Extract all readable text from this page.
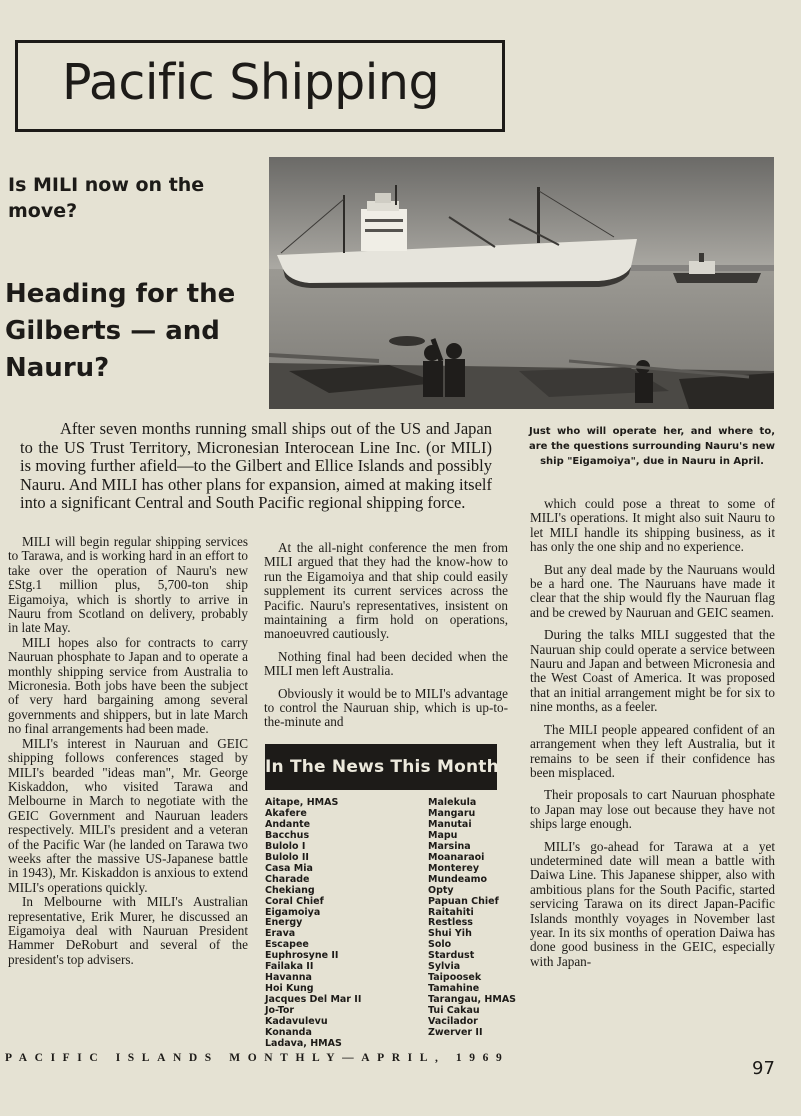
Pacific Shipping
Is MILI now on the move?
Heading for the Gilberts — and Nauru?
Just who will operate her, and where to, are the questions surrounding Nauru's new ship "Eigamoiya", due in Nauru in April.
After seven months running small ships out of the US and Japan to the US Trust Territory, Micronesian Interocean Line Inc. (or MILI) is moving further afield—to the Gilbert and Ellice Islands and possibly Nauru. And MILI has other plans for expansion, aimed at making itself into a significant Central and South Pacific regional shipping force.

MILI will begin regular shipping services to Tarawa, and is working hard in an effort to take over the operation of Nauru's new £Stg.1 million plus, 5,700-ton ship Eigamoiya, which is shortly to arrive in Nauru from Scotland on delivery, probably in late May.

MILI hopes also for contracts to carry Nauruan phosphate to Japan and to operate a monthly shipping service from Australia to Micronesia. Both jobs have been the subject of very hard bargaining among several governments and shippers, but in late March no final arrangements had been made.

MILI's interest in Nauruan and GEIC shipping follows conferences staged by MILI's bearded "ideas man", Mr. George Kiskaddon, who visited Tarawa and Melbourne in March to negotiate with the GEIC Government and Nauruan leaders respectively. MILI's president and a veteran of the Pacific War (he landed on Tarawa two weeks after the massive US-Japanese battle in 1943), Mr. Kiskaddon is anxious to extend MILI's operations quickly.

In Melbourne with MILI's Australian representative, Erik Murer, he discussed an Eigamoiya deal with Nauruan President Hammer DeRoburt and several of the president's top advisers.

At the all-night conference the men from MILI argued that they had the know-how to run the Eigamoiya and that ship could easily supplement its current services across the Pacific. Nauru's representatives, insistent on maintaining a firm hold on operations, manoeuvred cautiously.

Nothing final had been decided when the MILI men left Australia.

Obviously it would be to MILI's advantage to control the Nauruan ship, which is up-to-the-minute and

In The News This Month
Aitape, HMAS
Akafere
Andante
Bacchus
Bulolo I
Bulolo II
Casa Mia
Charade
Chekiang
Coral Chief
Eigamoiya
Energy
Erava
Escapee
Euphrosyne II
Failaka II
Havanna
Hoi Kung
Jacques Del Mar II
Jo-Tor
Kadavulevu
Konanda
Ladava, HMAS
Malekula
Mangaru
Manutai
Mapu
Marsina
Moanaraoi
Monterey
Mundeamo
Opty
Papuan Chief
Raitahiti
Restless
Shui Yih
Solo
Stardust
Sylvia
Taipoosek
Tamahine
Tarangau, HMAS
Tui Cakau
Vacilador
Zwerver II

which could pose a threat to some of MILI's operations. It might also suit Nauru to let MILI handle its shipping business, as it has only the one ship and no experience.

But any deal made by the Nauruans would be a hard one. The Nauruans have made it clear that the ship would fly the Nauruan flag and be crewed by Nauruan and GEIC seamen.

During the talks MILI suggested that the Nauruan ship could operate a service between Nauru and Japan and between Micronesia and the West Coast of America. It was proposed that an initial arrangement might be for six to nine months, as a feeler.

The MILI people appeared confident of an arrangement when they left Australia, but it remains to be seen if their confidence has been misplaced.

Their proposals to cart Nauruan phosphate to Japan may lose out because they have not ships large enough.

MILI's go-ahead for Tarawa at a yet undetermined date will mean a battle with Daiwa Line. This Japanese shipper, also with ambitious plans for the South Pacific, started servicing Tarawa on its direct Japan-Pacific Islands monthly voyages in November last year. In its six months of operation Daiwa has done good business in the GEIC, especially with Japan-

PACIFIC ISLANDS MONTHLY—APRIL, 1969	97
